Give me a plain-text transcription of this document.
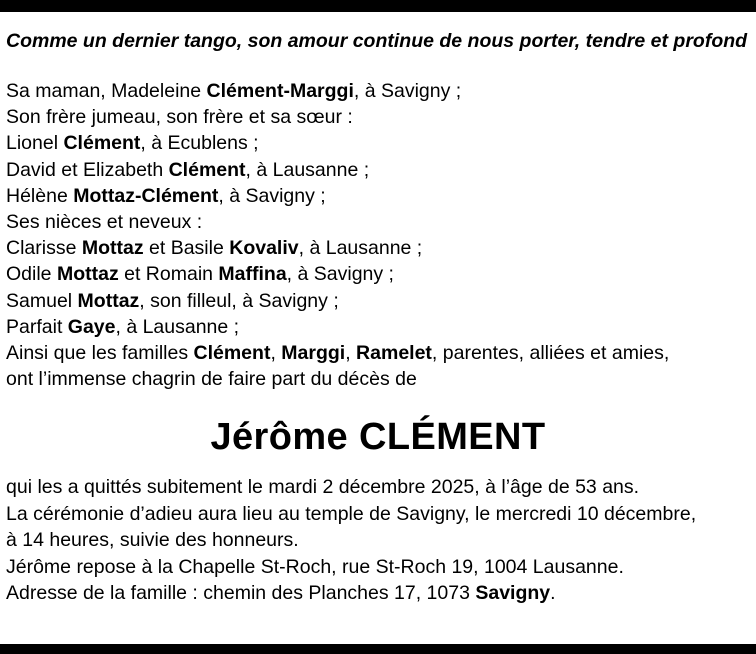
Comme un dernier tango, son amour continue de nous porter, tendre et profond
Sa maman, Madeleine Clément-Marggi, à Savigny ;
Son frère jumeau, son frère et sa sœur :
Lionel Clément, à Ecublens ;
David et Elizabeth Clément, à Lausanne ;
Hélène Mottaz-Clément, à Savigny ;
Ses nièces et neveux :
Clarisse Mottaz et Basile Kovaliv, à Lausanne ;
Odile Mottaz et Romain Maffina, à Savigny ;
Samuel Mottaz, son filleul, à Savigny ;
Parfait Gaye, à Lausanne ;
Ainsi que les familles Clément, Marggi, Ramelet, parentes, alliées et amies,
ont l’immense chagrin de faire part du décès de
Jérôme CLÉMENT
qui les a quittés subitement le mardi 2 décembre 2025, à l’âge de 53 ans.
La cérémonie d’adieu aura lieu au temple de Savigny, le mercredi 10 décembre,
à 14 heures, suivie des honneurs.
Jérôme repose à la Chapelle St-Roch, rue St-Roch 19, 1004 Lausanne.
Adresse de la famille : chemin des Planches 17, 1073 Savigny.
